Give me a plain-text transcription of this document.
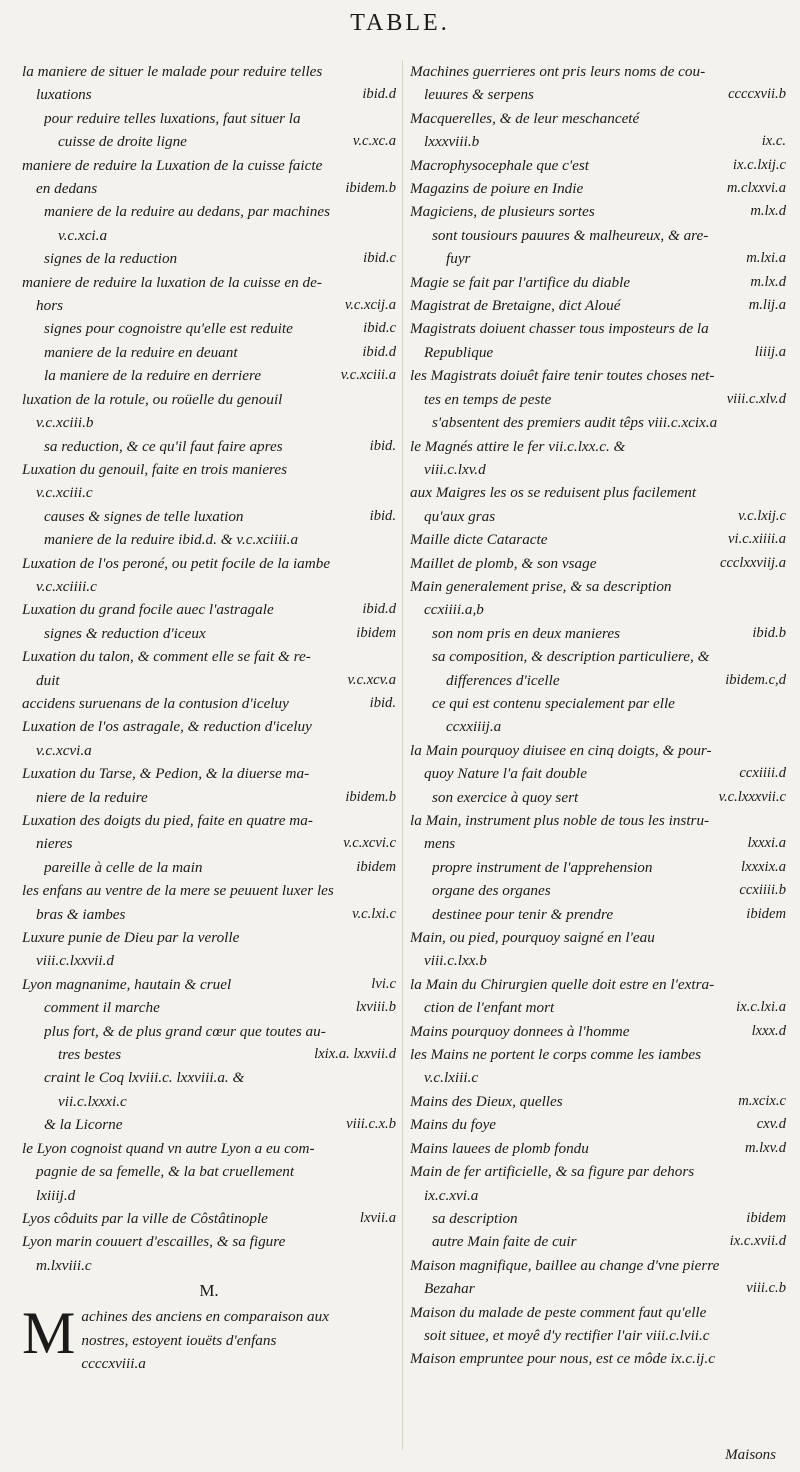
TABLE.
la maniere de situer le malade pour reduire telles
ibid.d
luxations
pour reduire telles luxations, faut situer la
v.c.xc.a
cuisse de droite ligne
maniere de reduire la Luxation de la cuisse faicte
ibidem.b
en dedans
maniere de la reduire au dedans, par machines
v.c.xci.a
ibid.c
signes de la reduction
maniere de reduire la luxation de la cuisse en de-
v.c.xcij.a
hors
ibid.c
signes pour cognoistre qu'elle est reduite
ibid.d
maniere de la reduire en deuant
v.c.xciii.a
la maniere de la reduire en derriere
luxation de la rotule, ou roüelle du genouil
v.c.xciii.b
ibid.
sa reduction, & ce qu'il faut faire apres
Luxation du genouil, faite en trois manieres
v.c.xciii.c
ibid.
causes & signes de telle luxation
maniere de la reduire ibid.d. & v.c.xciiii.a
Luxation de l'os peroné, ou petit focile de la iambe
v.c.xciiii.c
ibid.d
Luxation du grand focile auec l'astragale
ibidem
signes & reduction d'iceux
Luxation du talon, & comment elle se fait & re-
v.c.xcv.a
duit
ibid.
accidens suruenans de la contusion d'iceluy
Luxation de l'os astragale, & reduction d'iceluy
v.c.xcvi.a
Luxation du Tarse, & Pedion, & la diuerse ma-
ibidem.b
niere de la reduire
Luxation des doigts du pied, faite en quatre ma-
v.c.xcvi.c
nieres
ibidem
pareille à celle de la main
les enfans au ventre de la mere se peuuent luxer les
v.c.lxi.c
bras & iambes
Luxure punie de Dieu par la verolle
viii.c.lxxvii.d
lvi.c
Lyon magnanime, hautain & cruel
lxviii.b
comment il marche
plus fort, & de plus grand cœur que toutes au-
lxix.a. lxxvii.d
tres bestes
craint le Coq lxviii.c. lxxviii.a. &
vii.c.lxxxi.c
viii.c.x.b
& la Licorne
le Lyon cognoist quand vn autre Lyon a eu com-
pagnie de sa femelle, & la bat cruellement
lxiiij.d
lxvii.a
Lyos côduits par la ville de Côstâtinople
Lyon marin couuert d'escailles, & sa figure
m.lxviii.c
M.
M achines des anciens en comparaison aux
nostres, estoyent iouëts d'enfans
ccccxviii.a
Machines guerrieres ont pris leurs noms de cou-
ccccxvii.b
leuures & serpens
Macquerelles, & de leur meschanceté
ix.c.
lxxxviii.b
ix.c.lxij.c
Macrophysocephale que c'est
m.clxxvi.a
Magazins de poiure en Indie
m.lx.d
Magiciens, de plusieurs sortes
sont tousiours pauures & malheureux, & are-
m.lxi.a
fuyr
m.lx.d
Magie se fait par l'artifice du diable
m.lij.a
Magistrat de Bretaigne, dict Aloué
Magistrats doiuent chasser tous imposteurs de la
liiij.a
Republique
les Magistrats doiuêt faire tenir toutes choses net-
viii.c.xlv.d
tes en temps de peste
s'absentent des premiers audit têps viii.c.xcix.a
le Magnés attire le fer vii.c.lxx.c. &
viii.c.lxv.d
aux Maigres les os se reduisent plus facilement
v.c.lxij.c
qu'aux gras
vi.c.xiiii.a
Maille dicte Cataracte
ccclxxviij.a
Maillet de plomb, & son vsage
Main generalement prise, & sa description
ccxiiii.a,b
ibid.b
son nom pris en deux manieres
sa composition, & description particuliere, &
ibidem.c,d
differences d'icelle
ce qui est contenu specialement par elle
ccxxiiij.a
la Main pourquoy diuisee en cinq doigts, & pour-
ccxiiii.d
quoy Nature l'a fait double
v.c.lxxxvii.c
son exercice à quoy sert
la Main, instrument plus noble de tous les instru-
lxxxi.a
mens
lxxxix.a
propre instrument de l'apprehension
ccxiiii.b
organe des organes
ibidem
destinee pour tenir & prendre
Main, ou pied, pourquoy saigné en l'eau
viii.c.lxx.b
la Main du Chirurgien quelle doit estre en l'extra-
ix.c.lxi.a
ction de l'enfant mort
lxxx.d
Mains pourquoy donnees à l'homme
les Mains ne portent le corps comme les iambes
v.c.lxiii.c
m.xcix.c
Mains des Dieux, quelles
cxv.d
Mains du foye
m.lxv.d
Mains lauees de plomb fondu
Main de fer artificielle, & sa figure par dehors
ix.c.xvi.a
ibidem
sa description
ix.c.xvii.d
autre Main faite de cuir
Maison magnifique, baillee au change d'vne pierre
viii.c.b
Bezahar
Maison du malade de peste comment faut qu'elle
soit situee, et moyê d'y rectifier l'air viii.c.lvii.c
Maison empruntee pour nous, est ce môde ix.c.ij.c
Maisons
